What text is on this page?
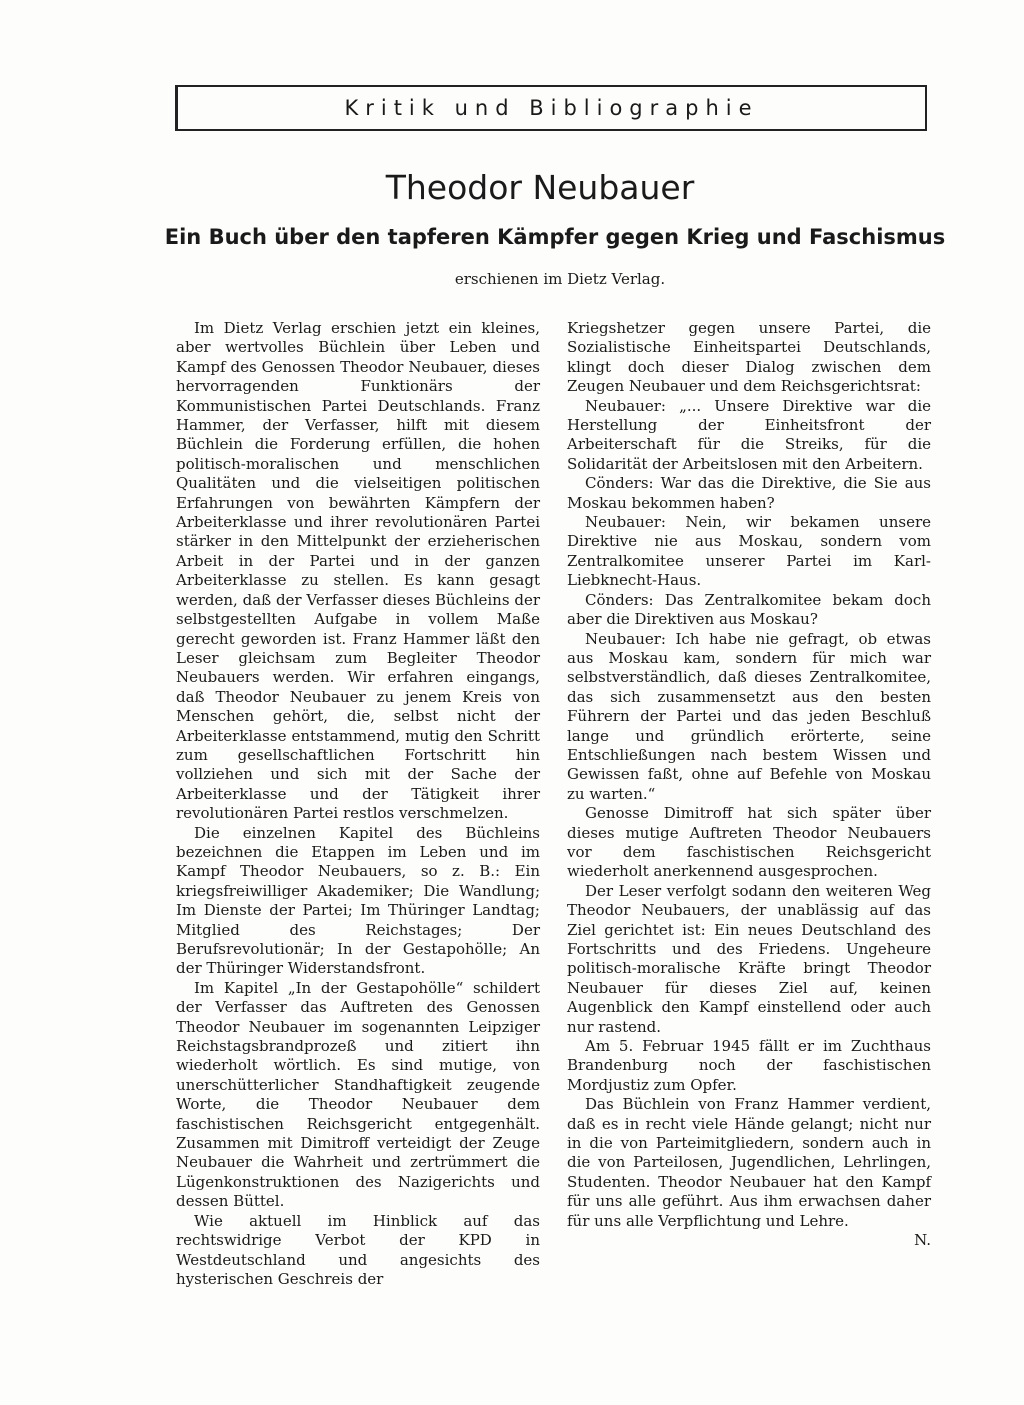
Kritik und Bibliographie
Theodor Neubauer
Ein Buch über den tapferen Kämpfer gegen Krieg und Faschismus
erschienen im Dietz Verlag.

Im Dietz Verlag erschien jetzt ein kleines, aber wertvolles Büchlein über Leben und Kampf des Genossen Theodor Neubauer, dieses hervorragenden Funktionärs der Kommunistischen Partei Deutschlands. Franz Hammer, der Verfasser, hilft mit diesem Büchlein die Forderung erfüllen, die hohen politisch-moralischen und menschlichen Qualitäten und die vielseitigen politischen Erfahrungen von bewährten Kämpfern der Arbeiterklasse und ihrer revolutionären Partei stärker in den Mittelpunkt der erzieherischen Arbeit in der Partei und in der ganzen Arbeiterklasse zu stellen. Es kann gesagt werden, daß der Verfasser dieses Büchleins der selbstgestellten Aufgabe in vollem Maße gerecht geworden ist. Franz Hammer läßt den Leser gleichsam zum Begleiter Theodor Neubauers werden. Wir erfahren eingangs, daß Theodor Neubauer zu jenem Kreis von Menschen gehört, die, selbst nicht der Arbeiterklasse entstammend, mutig den Schritt zum gesellschaftlichen Fortschritt hin vollziehen und sich mit der Sache der Arbeiterklasse und der Tätigkeit ihrer revolutionären Partei restlos verschmelzen.

Die einzelnen Kapitel des Büchleins bezeichnen die Etappen im Leben und im Kampf Theodor Neubauers, so z. B.: Ein kriegsfreiwilliger Akademiker; Die Wandlung; Im Dienste der Partei; Im Thüringer Landtag; Mitglied des Reichstages; Der Berufsrevolutionär; In der Gestapohölle; An der Thüringer Widerstandsfront.

Im Kapitel „In der Gestapohölle“ schildert der Verfasser das Auftreten des Genossen Theodor Neubauer im sogenannten Leipziger Reichstagsbrandprozeß und zitiert ihn wiederholt wörtlich. Es sind mutige, von unerschütterlicher Standhaftigkeit zeugende Worte, die Theodor Neubauer dem faschistischen Reichsgericht entgegenhält. Zusammen mit Dimitroff verteidigt der Zeuge Neubauer die Wahrheit und zertrümmert die Lügenkonstruktionen des Nazigerichts und dessen Büttel.

Wie aktuell im Hinblick auf das rechtswidrige Verbot der KPD in Westdeutschland und angesichts des hysterischen Geschreis der

Kriegshetzer gegen unsere Partei, die Sozialistische Einheitspartei Deutschlands, klingt doch dieser Dialog zwischen dem Zeugen Neubauer und dem Reichsgerichtsrat:

Neubauer: „... Unsere Direktive war die Herstellung der Einheitsfront der Arbeiterschaft für die Streiks, für die Solidarität der Arbeitslosen mit den Arbeitern.

Cönders: War das die Direktive, die Sie aus Moskau bekommen haben?

Neubauer: Nein, wir bekamen unsere Direktive nie aus Moskau, sondern vom Zentralkomitee unserer Partei im Karl-Liebknecht-Haus.

Cönders: Das Zentralkomitee bekam doch aber die Direktiven aus Moskau?

Neubauer: Ich habe nie gefragt, ob etwas aus Moskau kam, sondern für mich war selbstverständlich, daß dieses Zentralkomitee, das sich zusammensetzt aus den besten Führern der Partei und das jeden Beschluß lange und gründlich erörterte, seine Entschließungen nach bestem Wissen und Gewissen faßt, ohne auf Befehle von Moskau zu warten.“

Genosse Dimitroff hat sich später über dieses mutige Auftreten Theodor Neubauers vor dem faschistischen Reichsgericht wiederholt anerkennend ausgesprochen.

Der Leser verfolgt sodann den weiteren Weg Theodor Neubauers, der unablässig auf das Ziel gerichtet ist: Ein neues Deutschland des Fortschritts und des Friedens. Ungeheure politisch-moralische Kräfte bringt Theodor Neubauer für dieses Ziel auf, keinen Augenblick den Kampf einstellend oder auch nur rastend.

Am 5. Februar 1945 fällt er im Zuchthaus Brandenburg noch der faschistischen Mordjustiz zum Opfer.

Das Büchlein von Franz Hammer verdient, daß es in recht viele Hände gelangt; nicht nur in die von Parteimitgliedern, sondern auch in die von Parteilosen, Jugendlichen, Lehrlingen, Studenten. Theodor Neubauer hat den Kampf für uns alle geführt. Aus ihm erwachsen daher für uns alle Verpflichtung und Lehre.

N.
